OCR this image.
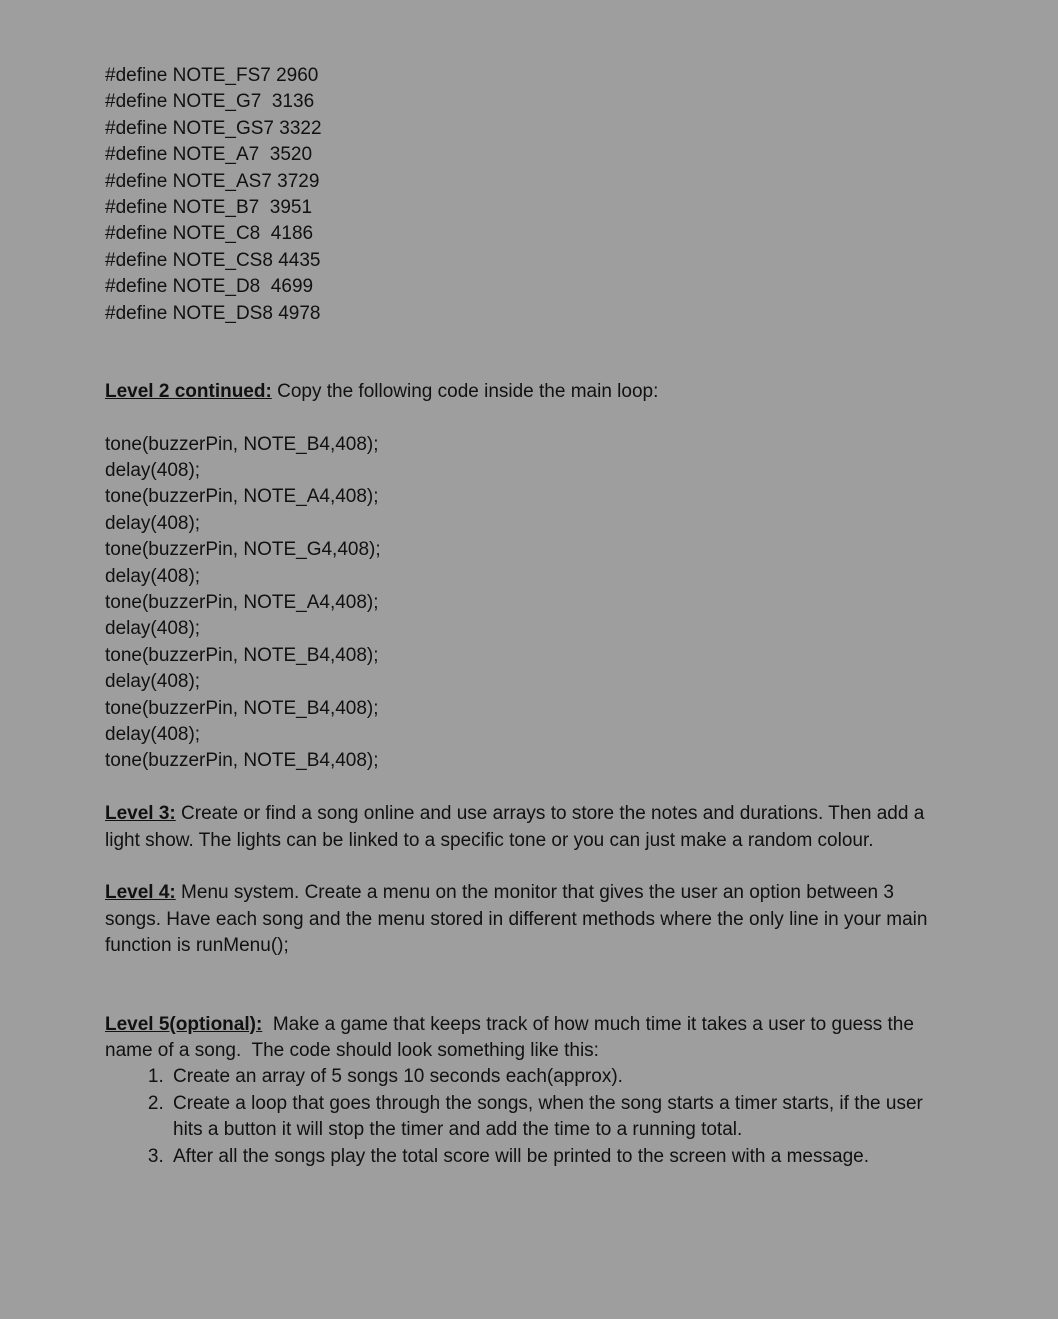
#define NOTE_FS7 2960
#define NOTE_G7  3136
#define NOTE_GS7 3322
#define NOTE_A7  3520
#define NOTE_AS7 3729
#define NOTE_B7  3951
#define NOTE_C8  4186
#define NOTE_CS8 4435
#define NOTE_D8  4699
#define NOTE_DS8 4978

Level 2 continued: Copy the following code inside the main loop:

tone(buzzerPin, NOTE_B4,408);
delay(408);
tone(buzzerPin, NOTE_A4,408);
delay(408);
tone(buzzerPin, NOTE_G4,408);
delay(408);
tone(buzzerPin, NOTE_A4,408);
delay(408);
tone(buzzerPin, NOTE_B4,408);
delay(408);
tone(buzzerPin, NOTE_B4,408);
delay(408);
tone(buzzerPin, NOTE_B4,408);

Level 3: Create or find a song online and use arrays to store the notes and durations. Then add a light show. The lights can be linked to a specific tone or you can just make a random colour.

Level 4: Menu system. Create a menu on the monitor that gives the user an option between 3 songs. Have each song and the menu stored in different methods where the only line in your main function is runMenu();

Level 5(optional):  Make a game that keeps track of how much time it takes a user to guess the name of a song.  The code should look something like this:

1. Create an array of 5 songs 10 seconds each(approx).
2. Create a loop that goes through the songs, when the song starts a timer starts, if the user hits a button it will stop the timer and add the time to a running total.
3. After all the songs play the total score will be printed to the screen with a message.
